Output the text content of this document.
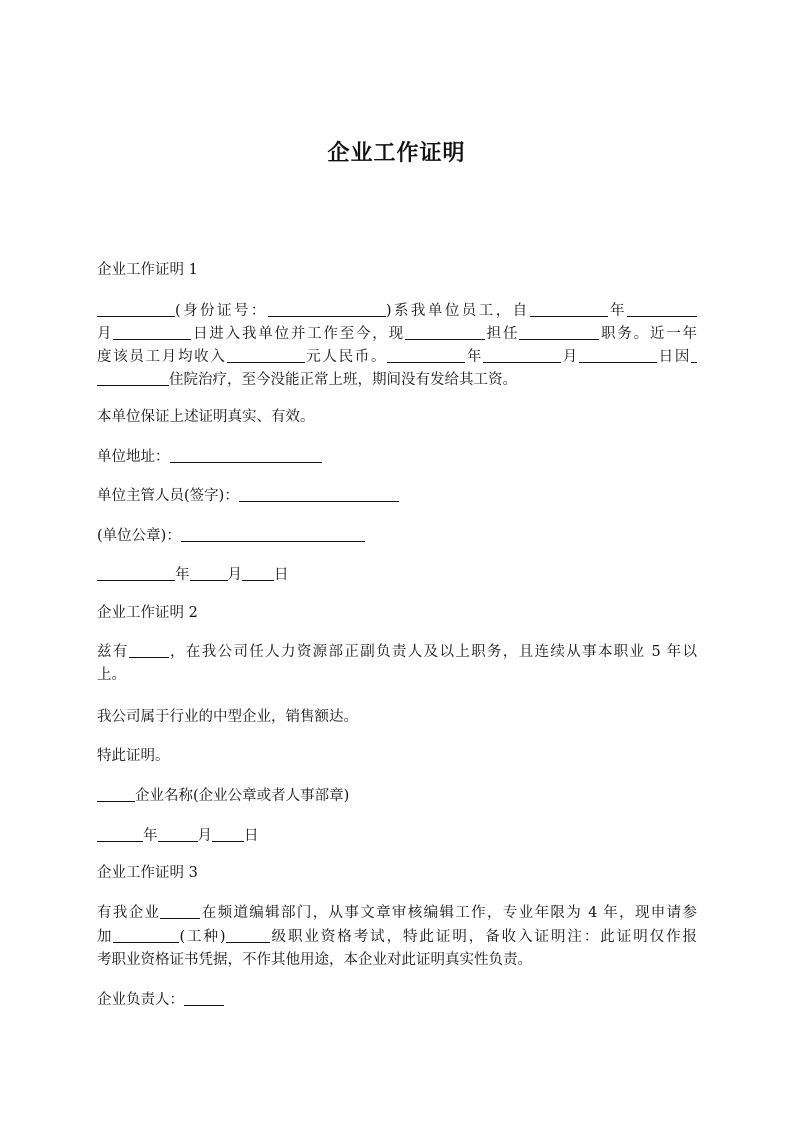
企业工作证明
企业工作证明 1
(身份证号：	)系我单位员工，自	年
月	日进入我单位并工作至今，现	担任	职务。近一年
度该员工月均收入	元人民币。	年	月	日因
住院治疗，至今没能正常上班，期间没有发给其工资。
本单位保证上述证明真实、有效。
单位地址：
单位主管人员(签字)：
(单位公章)：
年	月 日
企业工作证明 2
兹有	，在我公司任人力资源部正副负责人及以上职务，且连续从事本职业 5 年以
上。
我公司属于行业的中型企业，销售额达。
特此证明。
企业名称(企业公章或者人事部章)
年	月 日
企业工作证明 3
有我企业	在频道编辑部门，从事文章审核编辑工作，专业年限为 4 年，现申请参
加	(工种)	级职业资格考试，特此证明，备收入证明注：此证明仅作报
考职业资格证书凭据，不作其他用途，本企业对此证明真实性负责。
企业负责人：
